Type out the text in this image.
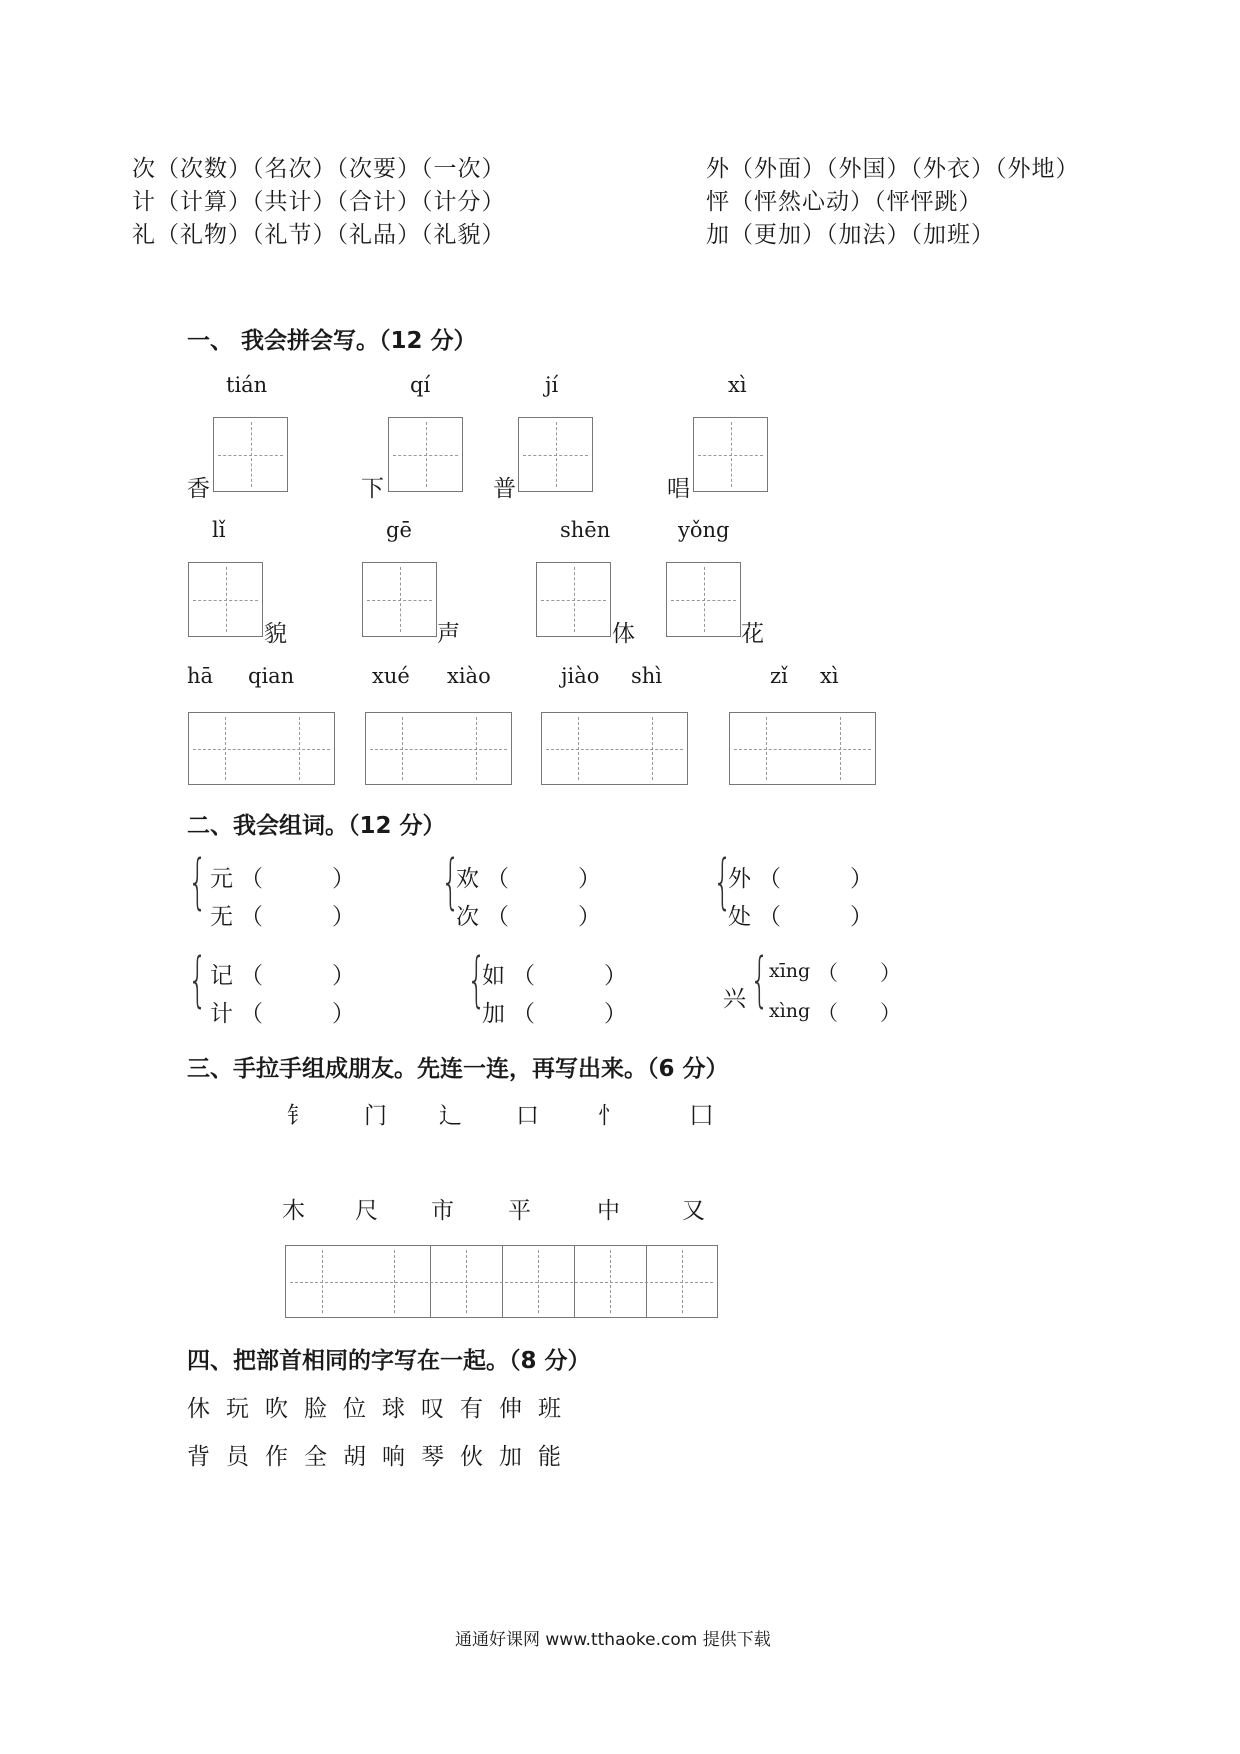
次（次数）（名次）（次要）（一次）
计（计算）（共计）（合计）（计分）
礼（礼物）（礼节）（礼品）（礼貌）
外（外面）（外国）（外衣）（外地）
怦（怦然心动）（怦怦跳）
加（更加）（加法）（加班）
一、 我会拼会写。（12 分）
tián	qí	jí	xì
香	下	普	唱
lǐ	gē	shēn	yǒng
貌	声	体	花
hā qian	xué xiào	jiào shì	zǐ xì
二、我会组词。（12 分）
{ 元 （　　　）
无 （　　　） {
欢 （　　　）
次 （　　　） {
外 （　　　）
处 （　　　）
{ 记 （　　　）
计 （　　　） {
如 （　　　）
加 （　　　）
兴 { xīng （　　）
xìng （　　）
三、手拉手组成朋友。先连一连，再写出来。（6 分）
钅 门 辶 口	忄	囗
木 尺 市 平	中	又
四、把部首相同的字写在一起。（8 分）
休 玩 吹 脸 位 球 叹 有 伸 班
背 员 作 全 胡 响 琴 伙 加 能
通通好课网 www.tthaoke.com 提供下载
